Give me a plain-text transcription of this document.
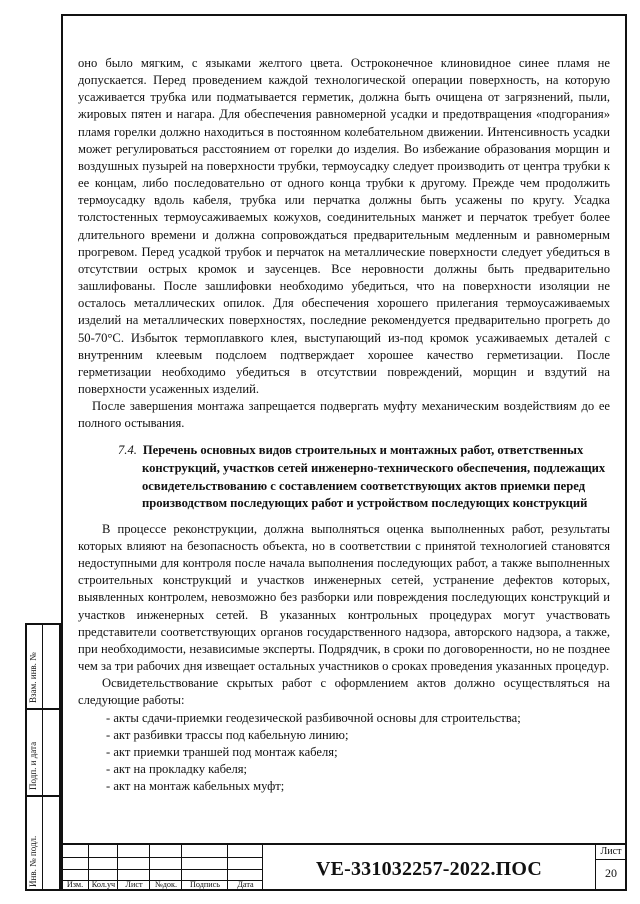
оно было мягким, с языками желтого цвета. Остроконечное клиновидное синее пламя не допускается. Перед проведением каждой технологической операции поверхность, на которую усаживается трубка или подматывается герметик, должна быть очищена от загрязнений, пыли, жировых пятен и нагара. Для обеспечения равномерной усадки и предотвращения «подгорания» пламя горелки должно находиться в постоянном колебательном движении. Интенсивность усадки может регулироваться расстоянием от горелки до изделия. Во избежание образования морщин и воздушных пузырей на поверхности трубки, термоусадку следует производить от центра трубки к ее концам, либо последовательно от одного конца трубки к другому. Прежде чем продолжить термоусадку вдоль кабеля, трубка или перчатка должны быть усажены по кругу. Усадка толстостенных термоусаживаемых кожухов, соединительных манжет и перчаток требует более длительного времени и должна сопровождаться предварительным медленным и равномерным прогревом. Перед усадкой трубок и перчаток на металлические поверхности следует убедиться в отсутствии острых кромок и заусенцев. Все неровности должны быть предварительно зашлифованы. После зашлифовки необходимо убедиться, что на поверхности изоляции не осталось металлических опилок. Для обеспечения хорошего прилегания термоусаживаемых изделий на металлических поверхностях, последние рекомендуется предварительно прогреть до 50-70°С. Избыток термоплавкого клея, выступающий из-под кромок усаживаемых деталей с внутренним клеевым подслоем подтверждает хорошее качество герметизации. После герметизации необходимо убедиться в отсутствии повреждений, морщин и вздутий на поверхности усаженных изделий.

После завершения монтажа запрещается подвергать муфту механическим воздействиям до ее полного остывания.

7.4. Перечень основных видов строительных и монтажных работ, ответственных конструкций, участков сетей инженерно-технического обеспечения, подлежащих освидетельствованию с составлением соответствующих актов приемки перед производством последующих работ и устройством последующих конструкций

В процессе реконструкции, должна выполняться оценка выполненных работ, результаты которых влияют на безопасность объекта, но в соответствии с принятой технологией становятся недоступными для контроля после начала выполнения последующих работ, а также выполненных строительных конструкций и участков инженерных сетей, устранение дефектов которых, выявленных контролем, невозможно без разборки или повреждения последующих конструкций и участков инженерных сетей. В указанных контрольных процедурах могут участвовать представители соответствующих органов государственного надзора, авторского надзора, а также, при необходимости, независимые эксперты. Подрядчик, в сроки по договоренности, но не позднее чем за три рабочих дня извещает остальных участников о сроках проведения указанных процедур.

Освидетельствование скрытых работ с оформлением актов должно осуществляться на следующие работы:

- акты сдачи-приемки геодезической разбивочной основы для строительства;
- акт разбивки трассы под кабельную линию;
- акт приемки траншей под монтаж кабеля;
- акт на прокладку кабеля;
- акт на монтаж кабельных муфт;
Взам. инв. №
Подп. и дата
Инв. № подл.	Изм.	Кол.уч	Лист	№док.	Подпись	Дата
VE-331032257-2022.ПОС
Лист
20
